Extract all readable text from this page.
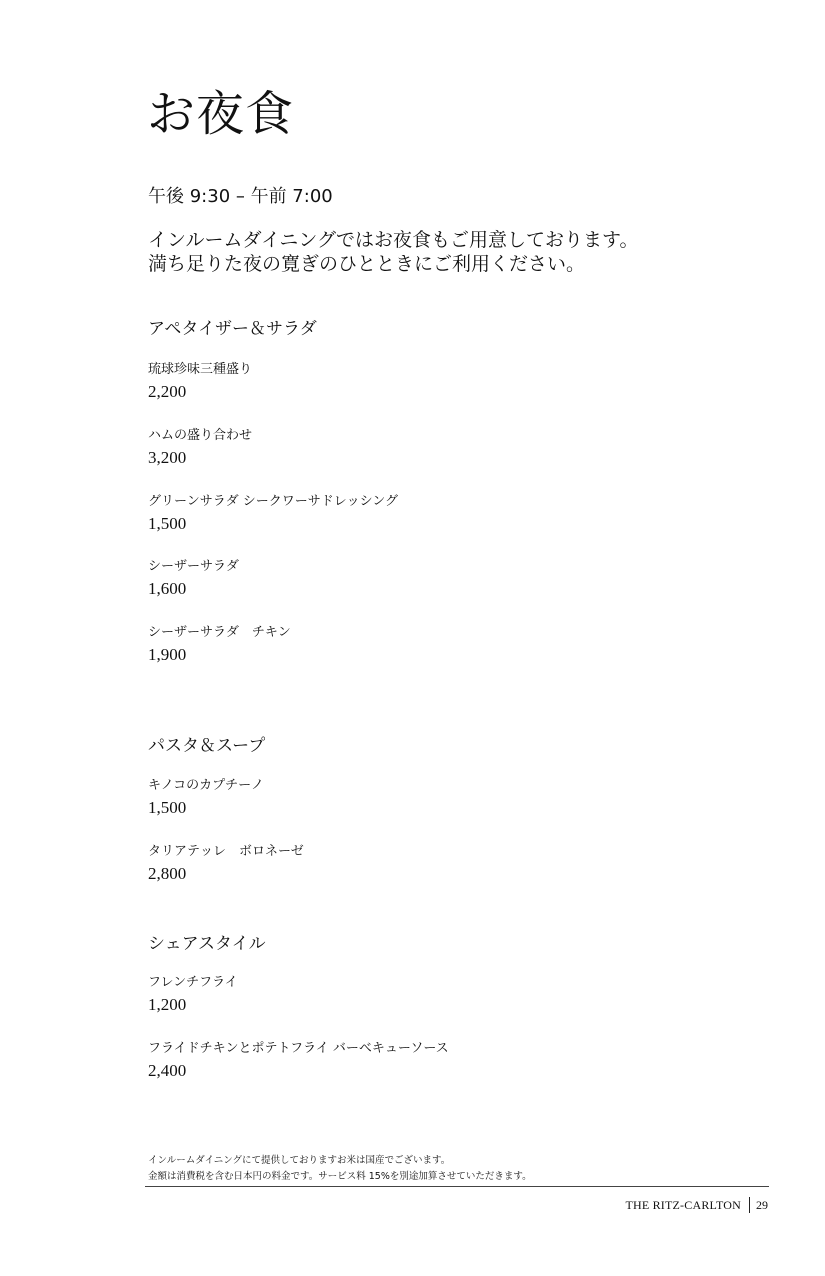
お夜食
午後 9:30 – 午前 7:00
インルームダイニングではお夜食もご用意しております。
満ち足りた夜の寛ぎのひとときにご利用ください。
アペタイザー＆サラダ
琉球珍味三種盛り
2,200
ハムの盛り合わせ
3,200
グリーンサラダ シークワーサドレッシング
1,500
シーザーサラダ
1,600
シーザーサラダ　チキン
1,900
パスタ＆スープ
キノコのカプチーノ
1,500
タリアテッレ　ボロネーゼ
2,800
シェアスタイル
フレンチフライ
1,200
フライドチキンとポテトフライ バーベキューソース
2,400
インルームダイニングにて提供しておりますお米は国産でございます。
金額は消費税を含む日本円の料金です。サービス料 15%を別途加算させていただきます。
THE RITZ-CARLTON 29
